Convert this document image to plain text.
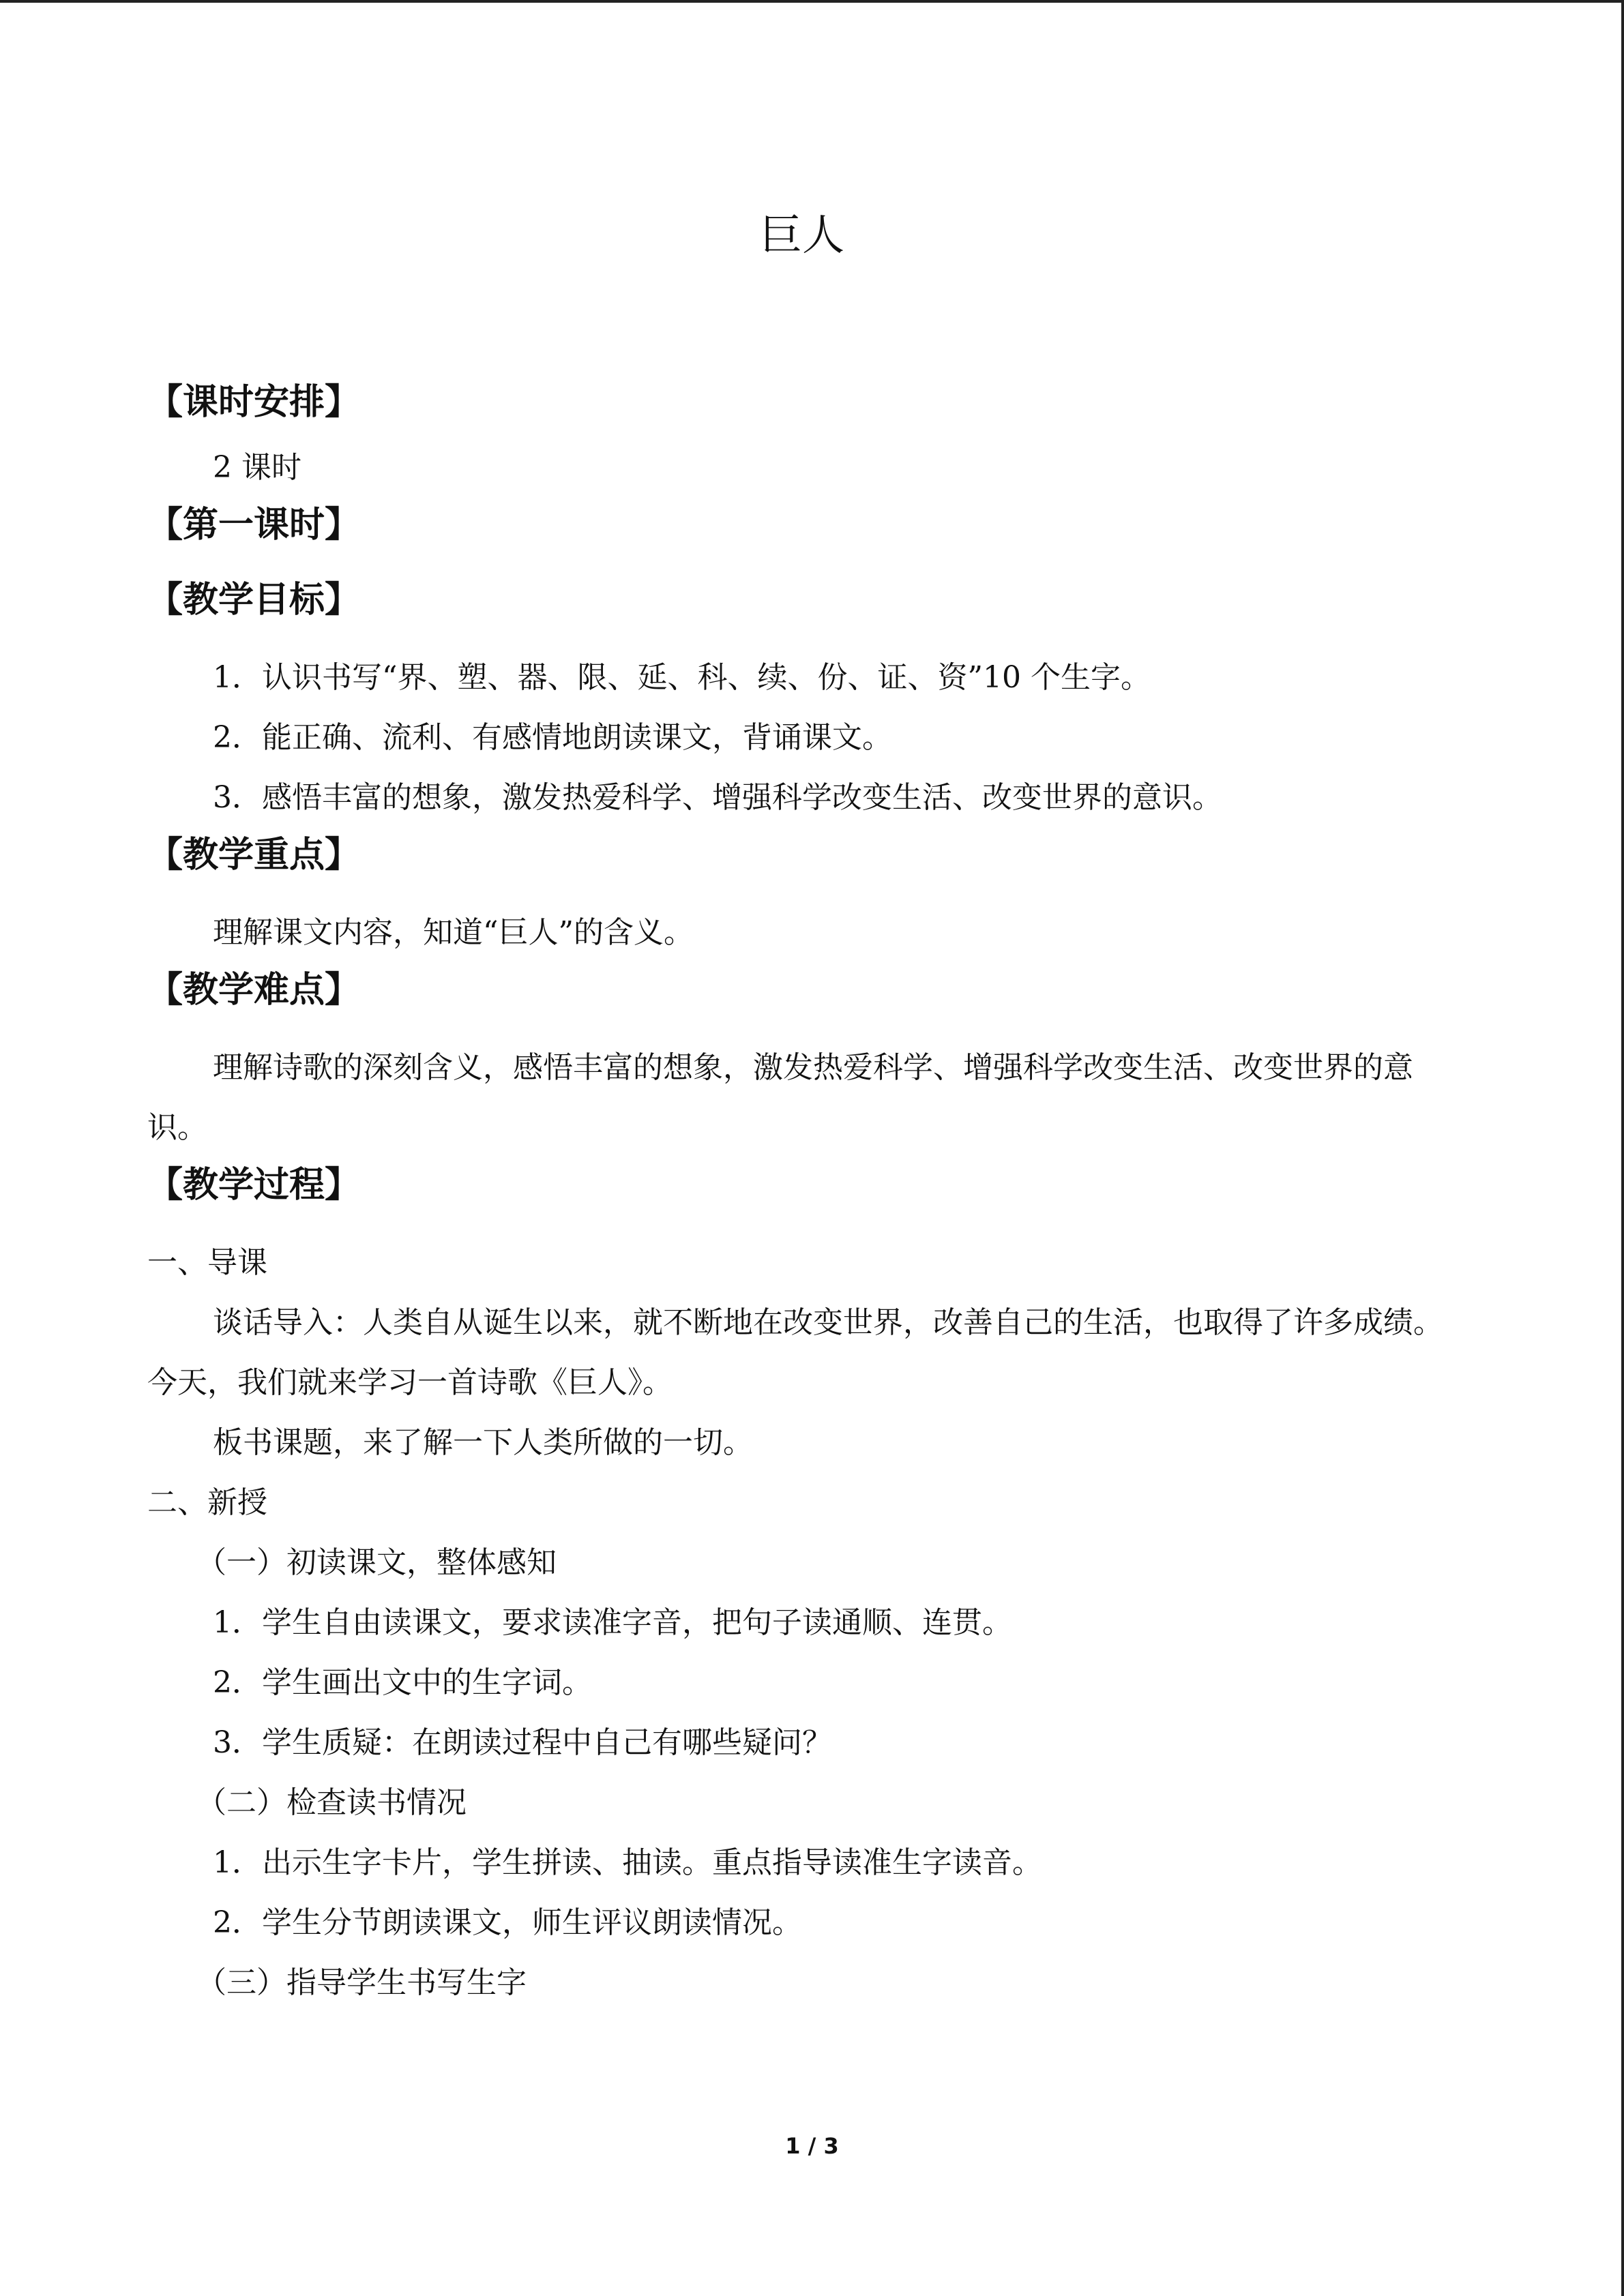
巨人

【课时安排】

2 课时

【第一课时】

【教学目标】

1．认识书写“界、塑、器、限、延、科、续、份、证、资”10 个生字。

2．能正确、流利、有感情地朗读课文，背诵课文。

3．感悟丰富的想象，激发热爱科学、增强科学改变生活、改变世界的意识。

【教学重点】

理解课文内容，知道“巨人”的含义。

【教学难点】

理解诗歌的深刻含义，感悟丰富的想象，激发热爱科学、增强科学改变生活、改变世界的意识。

【教学过程】

一、导课

谈话导入：人类自从诞生以来，就不断地在改变世界，改善自己的生活，也取得了许多成绩。今天，我们就来学习一首诗歌《巨人》。

板书课题，来了解一下人类所做的一切。

二、新授

（一）初读课文，整体感知

1．学生自由读课文，要求读准字音，把句子读通顺、连贯。

2．学生画出文中的生字词。

3．学生质疑：在朗读过程中自己有哪些疑问？

（二）检查读书情况

1．出示生字卡片，学生拼读、抽读。重点指导读准生字读音。

2．学生分节朗读课文，师生评议朗读情况。

（三）指导学生书写生字

1 / 3
